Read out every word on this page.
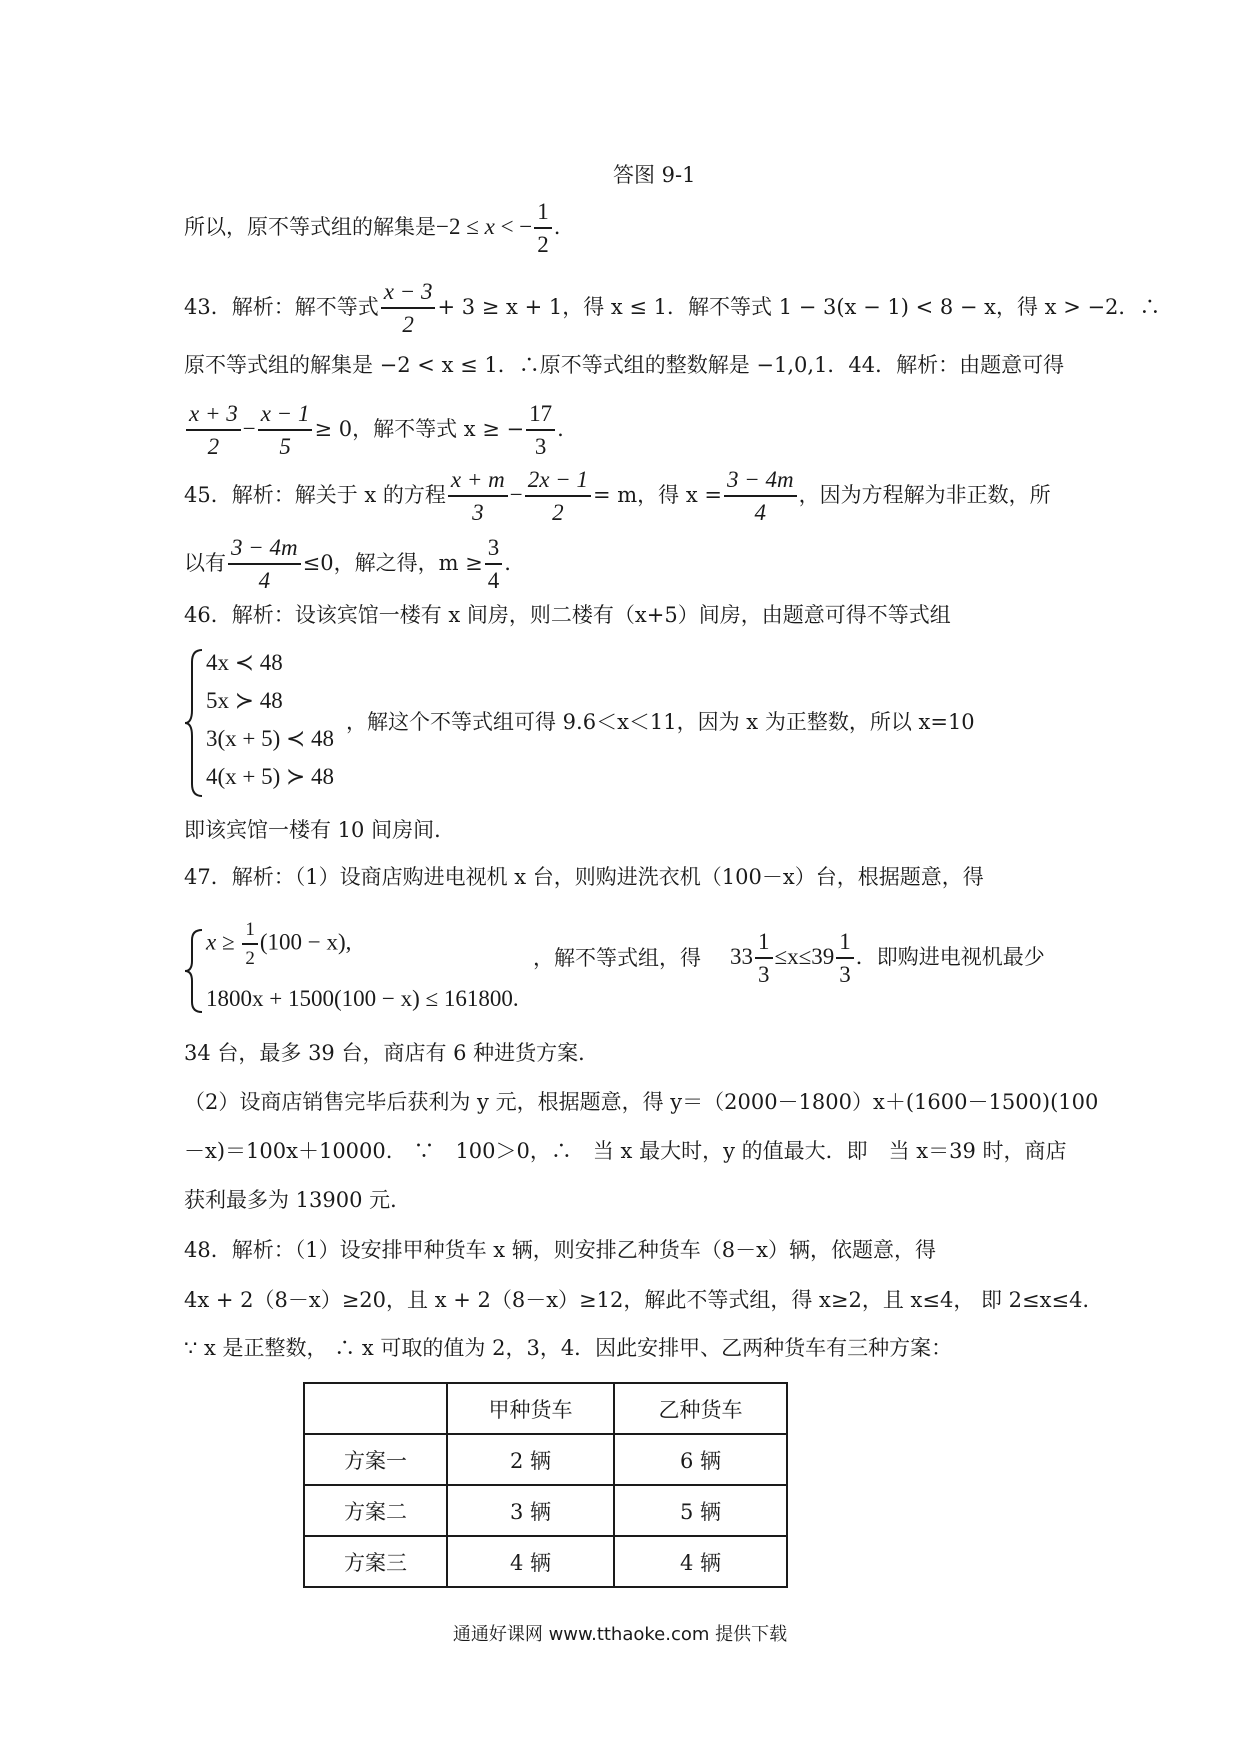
答图 9-1
所以，原不等式组的解集是−2 ≤ x < − $\frac{1}{2}$ .
43．解析：解不等式 $\frac{x - 3}{2} + 3 \ge x + 1$，得 x ≤ 1．解不等式 1 − 3(x − 1) < 8 − x，得 x > −2．∴
原不等式组的解集是 −2 < x ≤ 1．∴原不等式组的整数解是 −1,0,1．44．解析：由题意可得
$\frac{x + 3}{2} - \frac{x - 1}{5} \ge 0$，解不等式 x ≥ − $\frac{17}{3}$ .
45．解析：解关于 x 的方程 $\frac{x + m}{3} - \frac{2x - 1}{2} = m$，得 $x = \frac{3 - 4m}{4}$ ，因为方程解为非正数，所
以有 $\frac{3 - 4m}{4} \le 0$，解之得，$m \ge \frac{3}{4}$ .
46．解析：设该宾馆一楼有 x 间房，则二楼有（x+5）间房，由题意可得不等式组
4x ≺ 48
5x ≻ 48
3(x + 5) ≺ 48
4(x + 5) ≻ 48
，解这个不等式组可得 9.6＜x＜11，因为 x 为正整数，所以 x=10
即该宾馆一楼有 10 间房间．
47．解析：（1）设商店购进电视机 x 台，则购进洗衣机（100－x）台，根据题意，得
$x \ge \frac{1}{2} (100 - x)$,
1800x + 1500(100 − x) ≤ 161800.
，解不等式组，得 $33 \frac{1}{3} \le x\le 39 \frac{1}{3}$ ．即购进电视机最少
34 台，最多 39 台，商店有 6 种进货方案．
（2）设商店销售完毕后获利为 y 元，根据题意，得 y＝（2000－1800）x＋(1600－1500)(100
－x)＝100x＋10000.　∵　100＞0，∴　当 x 最大时，y 的值最大．即　当 x＝39 时，商店
获利最多为 13900 元．
48．解析：（1）设安排甲种货车 x 辆，则安排乙种货车（8－x）辆，依题意，得
4x + 2（8－x）≥20，且 x + 2（8－x）≥12，解此不等式组，得 x≥2，且 x≤4， 即 2≤x≤4.
∵ x 是正整数， ∴ x 可取的值为 2，3，4．因此安排甲、乙两种货车有三种方案：
	甲种货车	乙种货车
方案一	2 辆	6 辆
方案二	3 辆	5 辆
方案三	4 辆	4 辆
通通好课网 www.tthaoke.com 提供下载
